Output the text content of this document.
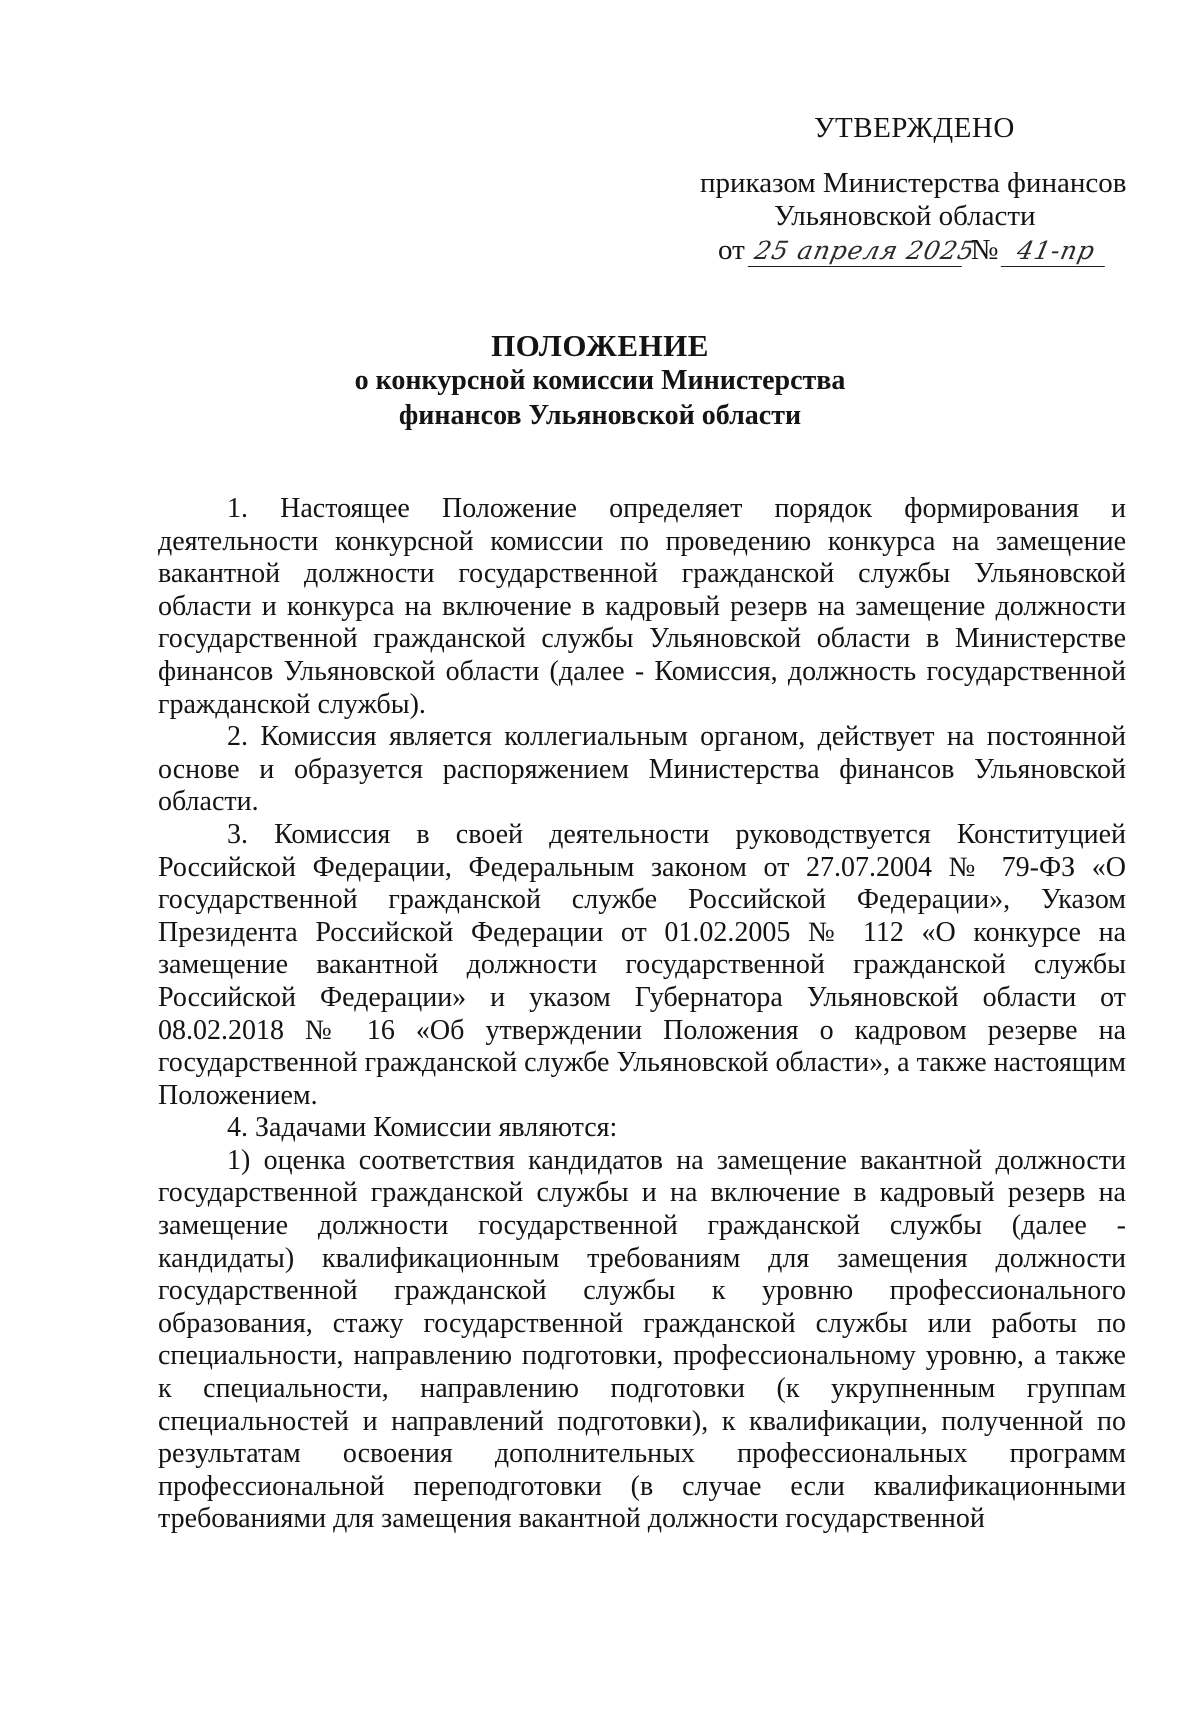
УТВЕРЖДЕНО
приказом Министерства финансов
Ульяновской области
от 25 апреля 2025
№ 41-пр
ПОЛОЖЕНИЕ
о конкурсной комиссии Министерства
финансов Ульяновской области

1. Настоящее Положение определяет порядок формирования и деятельности конкурсной комиссии по проведению конкурса на замещение вакантной должности государственной гражданской службы Ульяновской области и конкурса на включение в кадровый резерв на замещение должности государственной гражданской службы Ульяновской области в Министерстве финансов Ульяновской области (далее - Комиссия, должность государственной гражданской службы).

2. Комиссия является коллегиальным органом, действует на постоянной основе и образуется распоряжением Министерства финансов Ульяновской области.

3. Комиссия в своей деятельности руководствуется Конституцией Российской Федерации, Федеральным законом от 27.07.2004 № 79-ФЗ «О государственной гражданской службе Российской Федерации», Указом Президента Российской Федерации от 01.02.2005 № 112 «О конкурсе на замещение вакантной должности государственной гражданской службы Российской Федерации» и указом Губернатора Ульяновской области от 08.02.2018 № 16 «Об утверждении Положения о кадровом резерве на государственной гражданской службе Ульяновской области», а также настоящим Положением.

4. Задачами Комиссии являются:

1) оценка соответствия кандидатов на замещение вакантной должности государственной гражданской службы и на включение в кадровый резерв на замещение должности государственной гражданской службы (далее - кандидаты) квалификационным требованиям для замещения должности государственной гражданской службы к уровню профессионального образования, стажу государственной гражданской службы или работы по специальности, направлению подготовки, профессиональному уровню, а также к специальности, направлению подготовки (к укрупненным группам специальностей и направлений подготовки), к квалификации, полученной по результатам освоения дополнительных профессиональных программ профессиональной переподготовки (в случае если квалификационными требованиями для замещения вакантной должности государственной
